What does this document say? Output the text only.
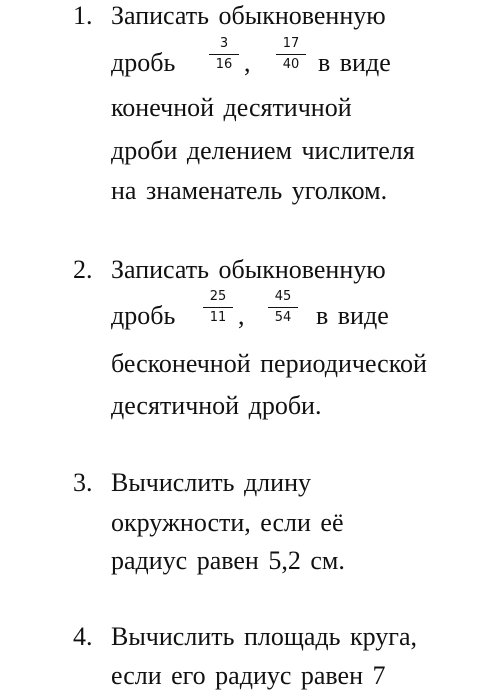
1. Записать обыкновенную
дробь
3
16 ,
17
40 в виде
конечной десятичной
дроби делением числителя
на знаменатель уголком.
2. Записать обыкновенную
дробь
25
11 ,
45
54 в виде
бесконечной периодической
десятичной дроби.
3. Вычислить длину
окружности, если её
радиус равен 5,2 см.
4. Вычислить площадь круга,
если его радиус равен 7
